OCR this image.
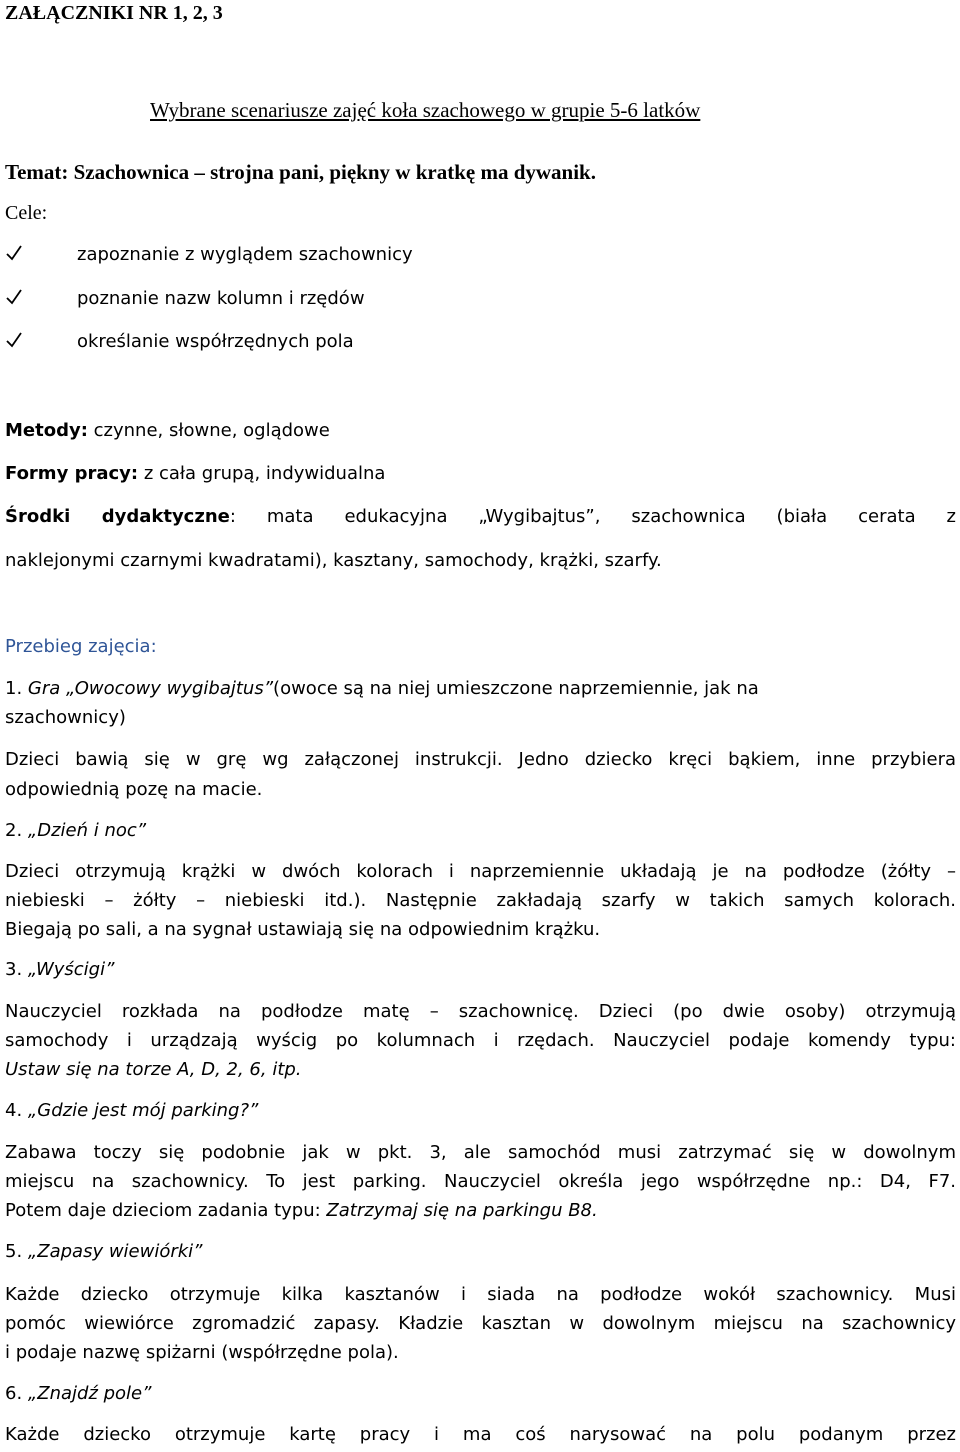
ZAŁĄCZNIKI NR 1, 2, 3
Wybrane scenariusze zajęć koła szachowego w grupie 5-6 latków
Temat: Szachownica – strojna pani, piękny w kratkę ma dywanik.
Cele:
zapoznanie z wyglądem szachownicy
poznanie nazw kolumn i rzędów
określanie współrzędnych pola
Metody: czynne, słowne, oglądowe
Formy pracy: z cała grupą, indywidualna
Środki dydaktyczne: mata edukacyjna „Wygibajtus”, szachownica (biała cerata z
naklejonymi czarnymi kwadratami), kasztany, samochody, krążki, szarfy.
Przebieg zajęcia:
1. Gra „Owocowy wygibajtus”(owoce są na niej umieszczone naprzemiennie, jak na
szachownicy)
Dzieci bawią się w grę wg załączonej instrukcji. Jedno dziecko kręci bąkiem, inne przybiera
odpowiednią pozę na macie.
2. „Dzień i noc”
Dzieci otrzymują krążki w dwóch kolorach i naprzemiennie układają je na podłodze (żółty –
niebieski – żółty – niebieski itd.). Następnie zakładają szarfy w takich samych kolorach.
Biegają po sali, a na sygnał ustawiają się na odpowiednim krążku.
3. „Wyścigi”
Nauczyciel rozkłada na podłodze matę – szachownicę. Dzieci (po dwie osoby) otrzymują
samochody i urządzają wyścig po kolumnach i rzędach. Nauczyciel podaje komendy typu:
Ustaw się na torze A, D, 2, 6, itp.
4. „Gdzie jest mój parking?”
Zabawa toczy się podobnie jak w pkt. 3, ale samochód musi zatrzymać się w dowolnym
miejscu na szachownicy. To jest parking. Nauczyciel określa jego współrzędne np.: D4, F7.
Potem daje dzieciom zadania typu: Zatrzymaj się na parkingu B8.
5. „Zapasy wiewiórki”
Każde dziecko otrzymuje kilka kasztanów i siada na podłodze wokół szachownicy. Musi
pomóc wiewiórce zgromadzić zapasy. Kładzie kasztan w dowolnym miejscu na szachownicy
i podaje nazwę spiżarni (współrzędne pola).
6. „Znajdź pole”
Każde dziecko otrzymuje kartę pracy i ma coś narysować na polu podanym przez
